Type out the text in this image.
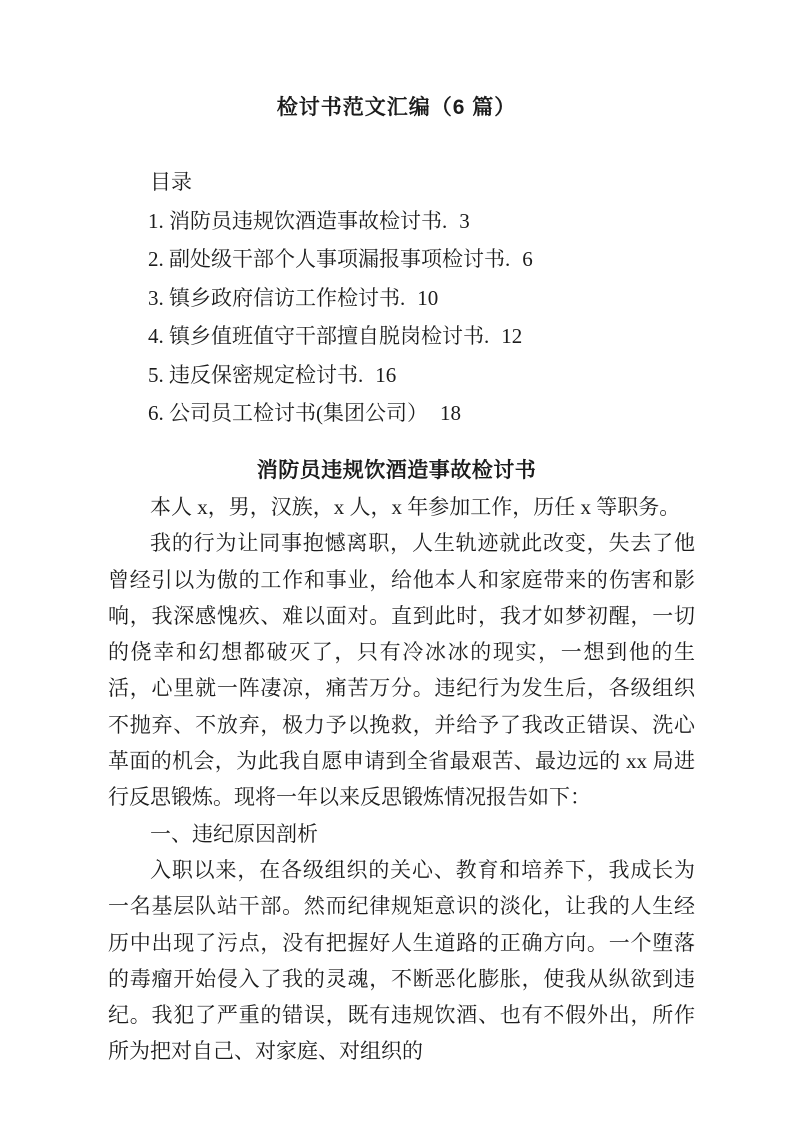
检讨书范文汇编（6 篇）
目录
1. 消防员违规饮酒造事故检讨书. 3
2. 副处级干部个人事项漏报事项检讨书. 6
3. 镇乡政府信访工作检讨书. 10
4. 镇乡值班值守干部擅自脱岗检讨书. 12
5. 违反保密规定检讨书. 16
6. 公司员工检讨书(集团公司） 18
消防员违规饮酒造事故检讨书

本人 x，男，汉族，x 人，x 年参加工作，历任 x 等职务。

我的行为让同事抱憾离职，人生轨迹就此改变，失去了他曾经引以为傲的工作和事业，给他本人和家庭带来的伤害和影响，我深感愧疚、难以面对。直到此时，我才如梦初醒，一切的侥幸和幻想都破灭了，只有冷冰冰的现实，一想到他的生活，心里就一阵凄凉，痛苦万分。违纪行为发生后，各级组织不抛弃、不放弃，极力予以挽救，并给予了我改正错误、洗心革面的机会，为此我自愿申请到全省最艰苦、最边远的 xx 局进行反思锻炼。现将一年以来反思锻炼情况报告如下：

一、违纪原因剖析

入职以来，在各级组织的关心、教育和培养下，我成长为一名基层队站干部。然而纪律规矩意识的淡化，让我的人生经历中出现了污点，没有把握好人生道路的正确方向。一个堕落的毒瘤开始侵入了我的灵魂，不断恶化膨胀，使我从纵欲到违纪。我犯了严重的错误，既有违规饮酒、也有不假外出，所作所为把对自己、对家庭、对组织的
